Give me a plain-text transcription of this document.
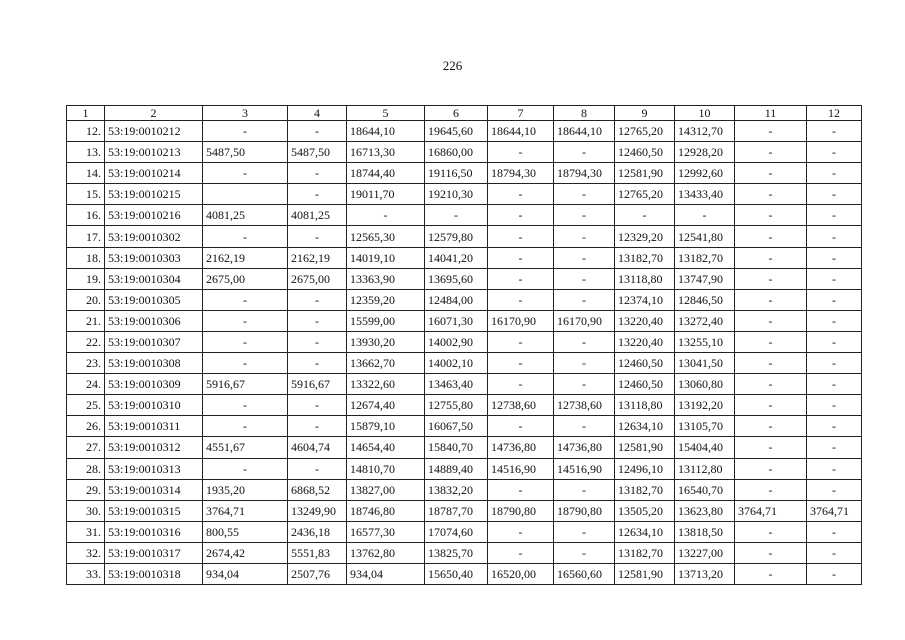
226
1	2	3	4	5	6	7	8	9	10	11	12
12.	53:19:0010212	-	-	18644,10	19645,60	18644,10	18644,10	12765,20	14312,70	-	-
13.	53:19:0010213	5487,50	5487,50	16713,30	16860,00	-	-	12460,50	12928,20	-	-
14.	53:19:0010214	-	-	18744,40	19116,50	18794,30	18794,30	12581,90	12992,60	-	-
15.	53:19:0010215		-	19011,70	19210,30	-	-	12765,20	13433,40	-	-
16.	53:19:0010216	4081,25	4081,25	-	-	-	-	-	-	-	-
17.	53:19:0010302	-	-	12565,30	12579,80	-	-	12329,20	12541,80	-	-
18.	53:19:0010303	2162,19	2162,19	14019,10	14041,20	-	-	13182,70	13182,70	-	-
19.	53:19:0010304	2675,00	2675,00	13363,90	13695,60	-	-	13118,80	13747,90	-	-
20.	53:19:0010305	-	-	12359,20	12484,00	-	-	12374,10	12846,50	-	-
21.	53:19:0010306	-	-	15599,00	16071,30	16170,90	16170,90	13220,40	13272,40	-	-
22.	53:19:0010307	-	-	13930,20	14002,90	-	-	13220,40	13255,10	-	-
23.	53:19:0010308	-	-	13662,70	14002,10	-	-	12460,50	13041,50	-	-
24.	53:19:0010309	5916,67	5916,67	13322,60	13463,40	-	-	12460,50	13060,80	-	-
25.	53:19:0010310	-	-	12674,40	12755,80	12738,60	12738,60	13118,80	13192,20	-	-
26.	53:19:0010311	-	-	15879,10	16067,50	-	-	12634,10	13105,70	-	-
27.	53:19:0010312	4551,67	4604,74	14654,40	15840,70	14736,80	14736,80	12581,90	15404,40	-	-
28.	53:19:0010313	-	-	14810,70	14889,40	14516,90	14516,90	12496,10	13112,80	-	-
29.	53:19:0010314	1935,20	6868,52	13827,00	13832,20	-	-	13182,70	16540,70	-	-
30.	53:19:0010315	3764,71	13249,90	18746,80	18787,70	18790,80	18790,80	13505,20	13623,80	3764,71	3764,71
31.	53:19:0010316	800,55	2436,18	16577,30	17074,60	-	-	12634,10	13818,50	-	-
32.	53:19:0010317	2674,42	5551,83	13762,80	13825,70	-	-	13182,70	13227,00	-	-
33.	53:19:0010318	934,04	2507,76	934,04	15650,40	16520,00	16560,60	12581,90	13713,20	-	-
